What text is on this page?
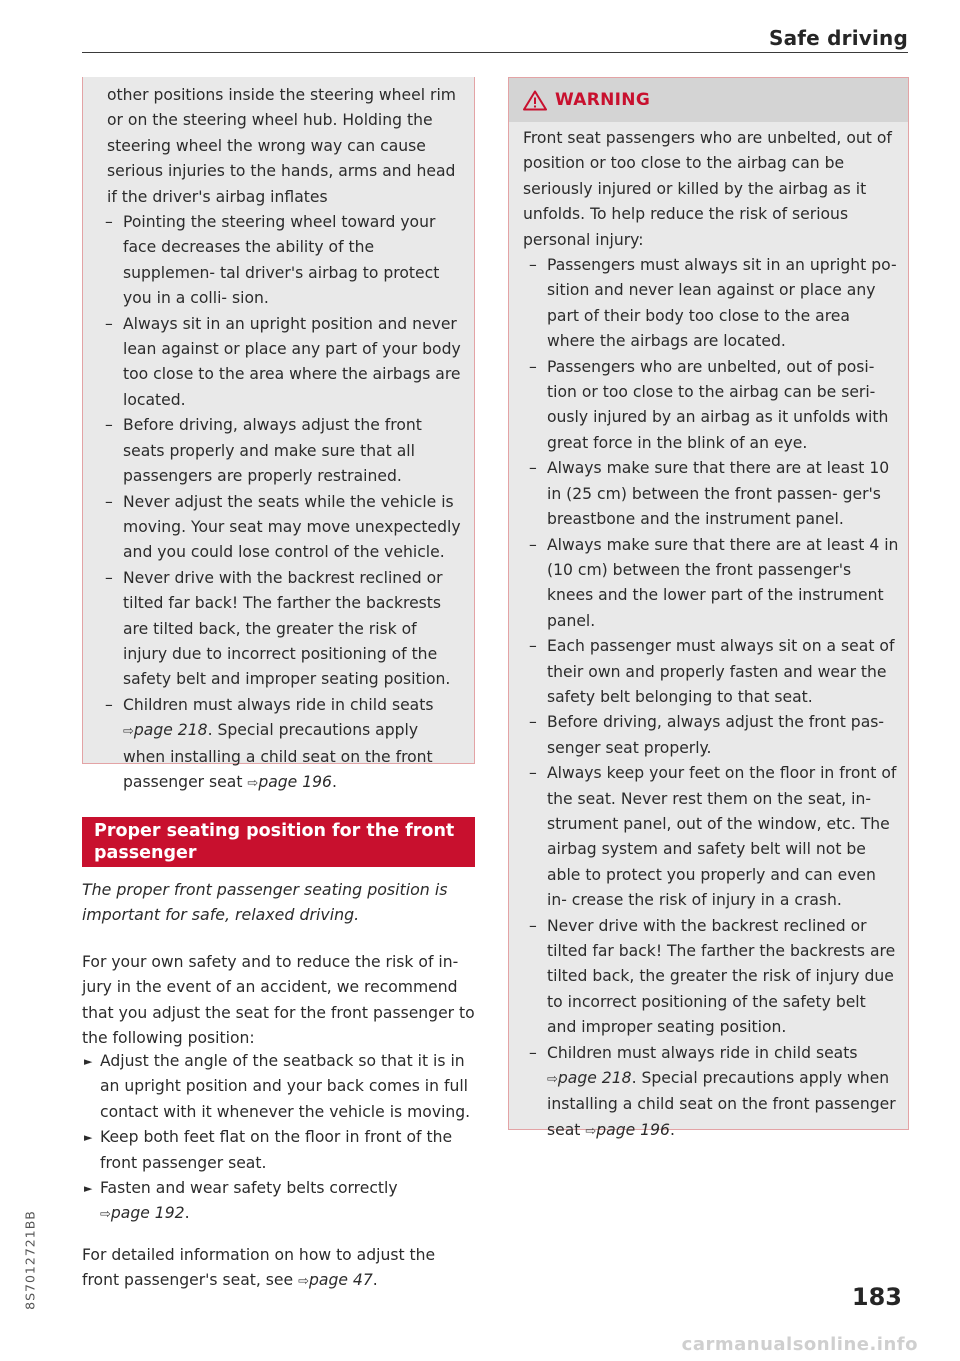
Safe driving
other positions inside the steering wheel rim or on the steering wheel hub. Holding the steering wheel the wrong way can cause serious injuries to the hands, arms and head if the driver's airbag inflates
– Pointing the steering wheel toward your face decreases the ability of the supplemen- tal driver's airbag to protect you in a colli- sion.
– Always sit in an upright position and never lean against or place any part of your body too close to the area where the airbags are located.
– Before driving, always adjust the front seats properly and make sure that all passengers are properly restrained.
– Never adjust the seats while the vehicle is moving. Your seat may move unexpectedly and you could lose control of the vehicle.
– Never drive with the backrest reclined or tilted far back! The farther the backrests are tilted back, the greater the risk of injury due to incorrect positioning of the safety belt and improper seating position.
– Children must always ride in child seats ⇨page 218. Special precautions apply when installing a child seat on the front passenger seat ⇨page 196.
Proper seating position for the front passenger
The proper front passenger seating position is important for safe, relaxed driving.
For your own safety and to reduce the risk of in- jury in the event of an accident, we recommend that you adjust the seat for the front passenger to the following position:
► Adjust the angle of the seatback so that it is in an upright position and your back comes in full contact with it whenever the vehicle is moving.
► Keep both feet flat on the floor in front of the front passenger seat.
► Fasten and wear safety belts correctly
⇨page 192.
For detailed information on how to adjust the front passenger's seat, see ⇨page 47.
WARNING
Front seat passengers who are unbelted, out of position or too close to the airbag can be seriously injured or killed by the airbag as it unfolds. To help reduce the risk of serious personal injury:
– Passengers must always sit in an upright po- sition and never lean against or place any part of their body too close to the area where the airbags are located.
– Passengers who are unbelted, out of posi- tion or too close to the airbag can be seri- ously injured by an airbag as it unfolds with great force in the blink of an eye.
– Always make sure that there are at least 10 in (25 cm) between the front passen- ger's breastbone and the instrument panel.
– Always make sure that there are at least 4 in (10 cm) between the front passenger's knees and the lower part of the instrument panel.
– Each passenger must always sit on a seat of their own and properly fasten and wear the safety belt belonging to that seat.
– Before driving, always adjust the front pas- senger seat properly.
– Always keep your feet on the floor in front of the seat. Never rest them on the seat, in- strument panel, out of the window, etc. The airbag system and safety belt will not be able to protect you properly and can even in- crease the risk of injury in a crash.
– Never drive with the backrest reclined or tilted far back! The farther the backrests are tilted back, the greater the risk of injury due to incorrect positioning of the safety belt and improper seating position.
– Children must always ride in child seats ⇨page 218. Special precautions apply when installing a child seat on the front passenger seat ⇨page 196.
8S7012721BB	183
carmanualsonline.info
